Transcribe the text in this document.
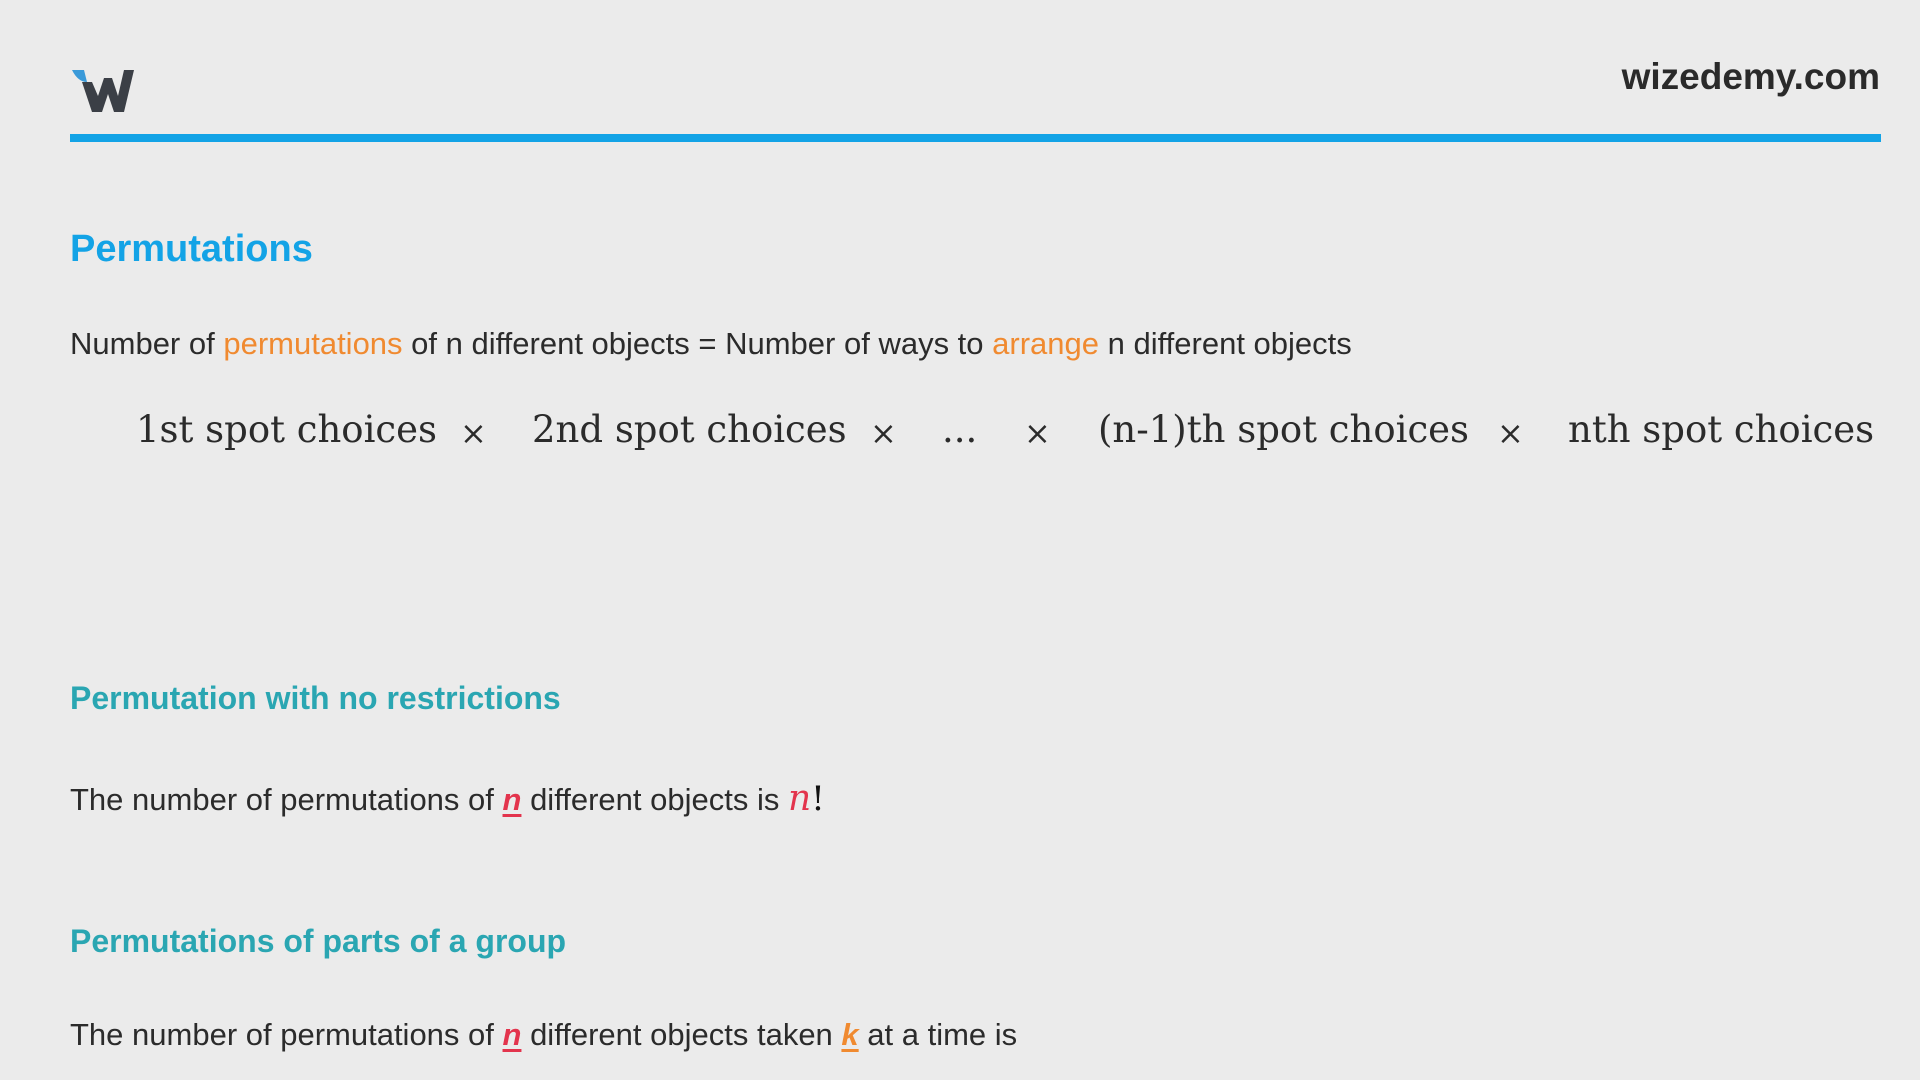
wizedemy.com
Permutations
Number of permutations of n different objects = Number of ways to arrange n different objects
1st spot choices × 2nd spot choices × ... × (n-1)th spot choices × nth spot choices
Permutation with no restrictions
The number of permutations of n different objects is n!
Permutations of parts of a group
The number of permutations of n different objects taken k at a time is
